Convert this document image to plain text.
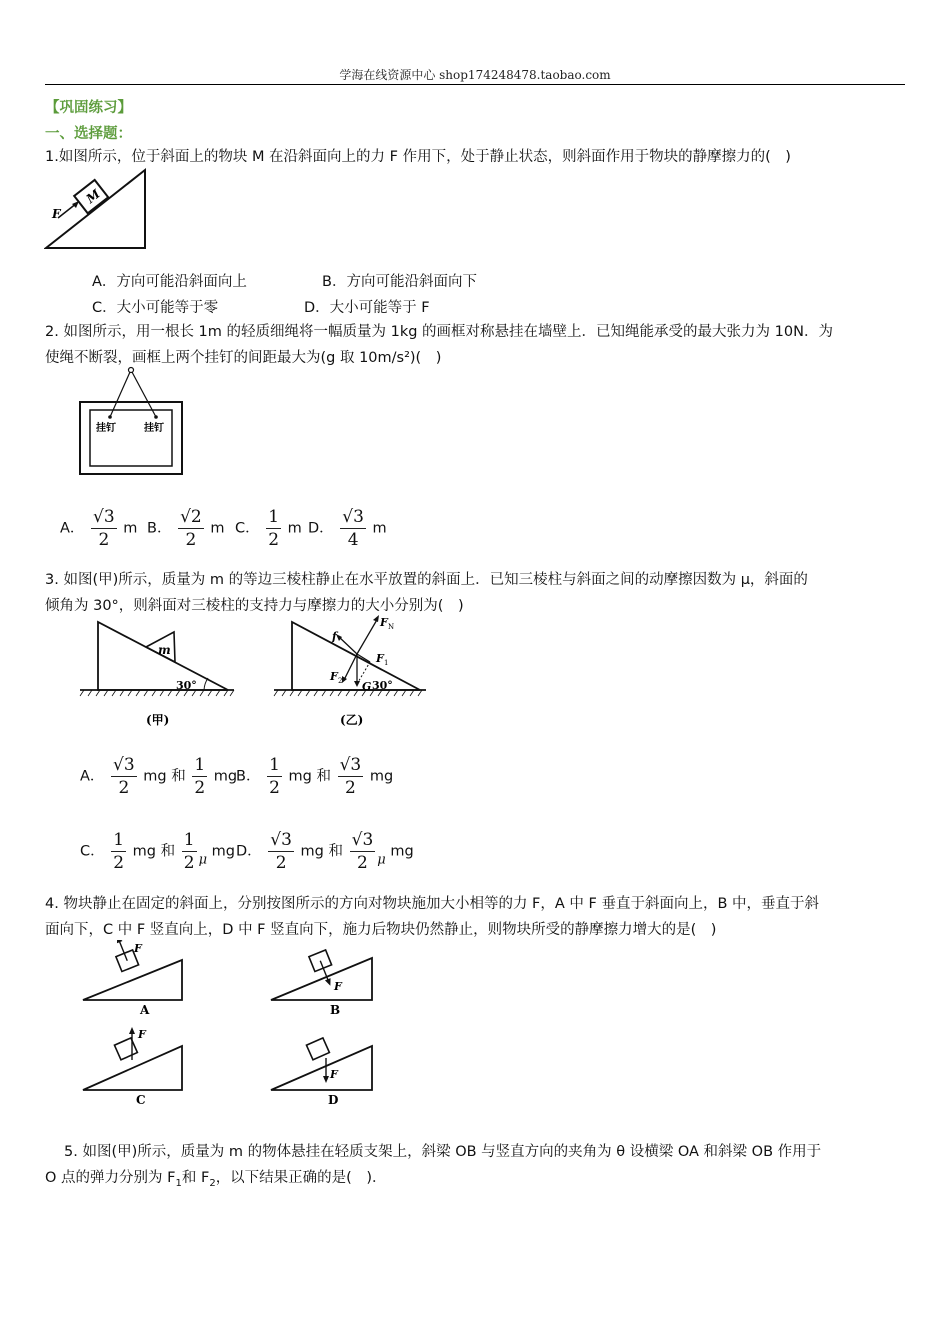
学海在线资源中心 shop174248478.taobao.com
【巩固练习】
一、选择题：
1.如图所示，位于斜面上的物块 M 在沿斜面向上的力 F 作用下，处于静止状态，则斜面作用于物块的静摩擦力的(　)
M
F
A．方向可能沿斜面向上	B．方向可能沿斜面向下
C．大小可能等于零	D．大小可能等于 F
2. 如图所示，用一根长 1m 的轻质细绳将一幅质量为 1kg 的画框对称悬挂在墙壁上．已知绳能承受的最大张力为 10N．为
使绳不断裂，画框上两个挂钉的间距最大为(g 取 10m/s²)(　)
挂钉	挂钉
A． $\frac{√3}{2}$ m B． $\frac{√2}{2}$ m C． $\frac{1}{2}$ m D． $\frac{√3}{4}$ m
3. 如图(甲)所示，质量为 m 的等边三棱柱静止在水平放置的斜面上．已知三棱柱与斜面之间的动摩擦因数为 μ，斜面的
倾角为 30°，则斜面对三棱柱的支持力与摩擦力的大小分别为(　)
m
30°
(甲)
f
F N
F 1
F 2 G 30°
(乙)
A． $\frac{√3}{2}$ mg 和 $\frac{1}{2}$ mg
B． $\frac{1}{2}$ mg 和 $\frac{√3}{2}$ mg
C． $\frac{1}{2}$ mg 和 $\frac{1}{2}$ μ mg D． $\frac{√3}{2}$ mg 和 $\frac{√3}{2}$ μ mg
4. 物块静止在固定的斜面上，分别按图所示的方向对物块施加大小相等的力 F，A 中 F 垂直于斜面向上，B 中，垂直于斜
面向下，C 中 F 竖直向上，D 中 F 竖直向下，施力后物块仍然静止，则物块所受的静摩擦力增大的是(　)
F
A
F
B
F
C
F
D
5. 如图(甲)所示，质量为 m 的物体悬挂在轻质支架上，斜梁 OB 与竖直方向的夹角为 θ 设横梁 OA 和斜梁 OB 作用于
O 点的弹力分别为 $F_1$和 $F_2$，以下结果正确的是(　)．
